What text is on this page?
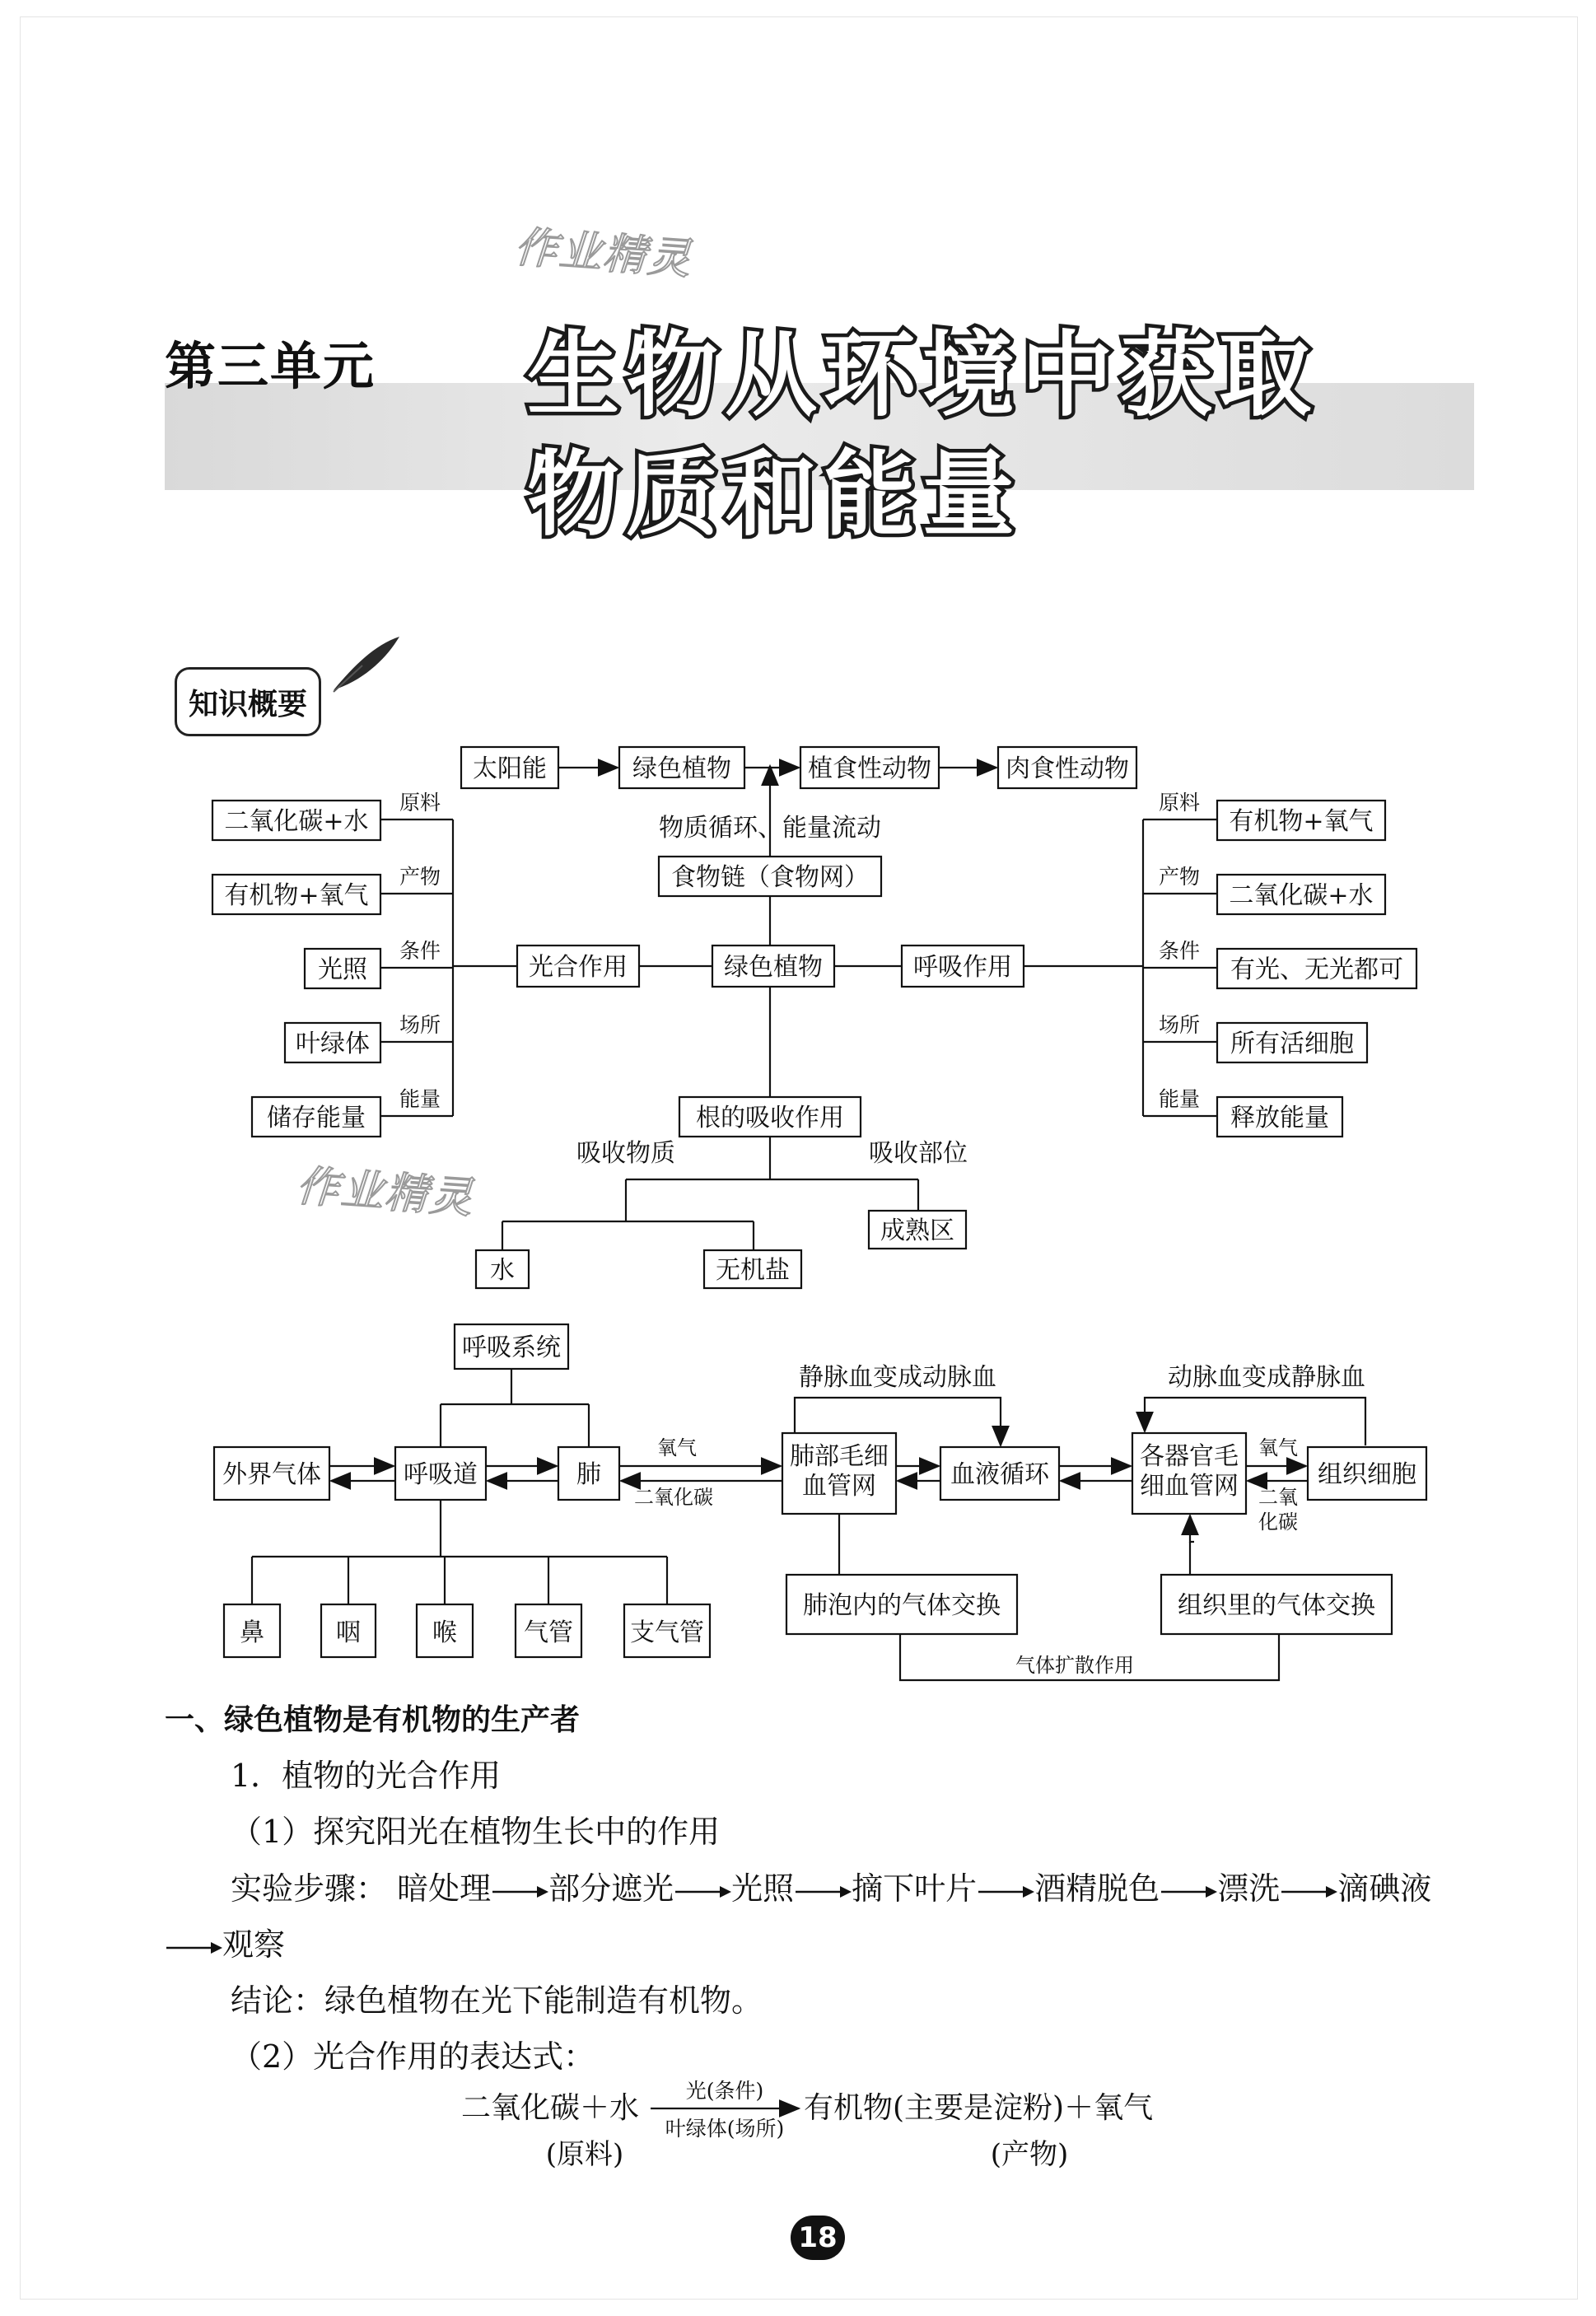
作业精灵
作业精灵
第三单元 生物从环境中获取
物质和能量
知识概要
太阳能	绿色植物	植食性动物	肉食性动物
物质循环、能量流动
食物链（食物网）
绿色植物
光合作用	呼吸作用
二氧化碳+水
有机物+氧气
光照
叶绿体
储存能量
有机物+氧气
二氧化碳+水
有光、无光都可
所有活细胞
释放能量
根的吸收作用
吸收物质	吸收部位
水	无机盐
成熟区
原料
产物
条件
场所
能量
原料
产物
条件
场所
能量
呼吸系统
外界气体	呼吸道	肺
肺部毛细
血管网	血液循环
各器官毛
细血管网	组织细胞
静脉血变成动脉血	动脉血变成静脉血
鼻	咽	喉	气管 支气管
肺泡内的气体交换	组织里的气体交换
氧气
二氧化碳
氧气
二氧
化碳
气体扩散作用
一、绿色植物是有机物的生产者
1．植物的光合作用
（1）探究阳光在植物生长中的作用
实验步骤： 暗处理 部分遮光 光照 摘下叶片 酒精脱色 漂洗 滴碘液
观察
结论：绿色植物在光下能制造有机物。
（2）光合作用的表达式：
二氧化碳＋水
光(条件)
叶绿体(场所)
有机物(主要是淀粉)＋氧气
(原料)	(产物)
18
